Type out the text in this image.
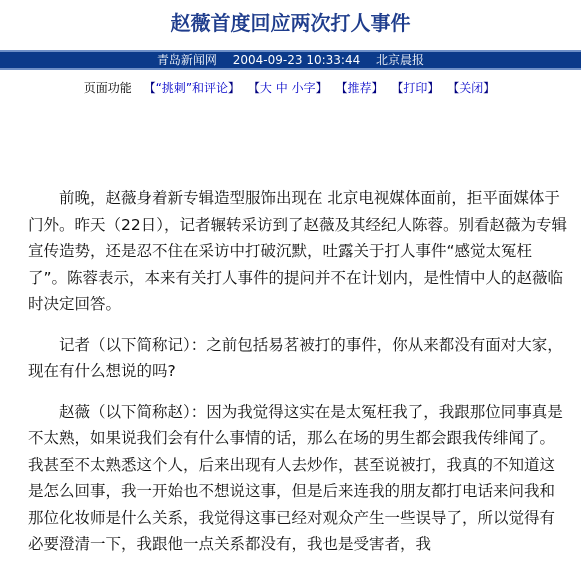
赵薇首度回应两次打人事件
青岛新闻网 2004-09-23 10:33:44 北京晨报
页面功能 【“挑刺”和评论】 【大 中 小字】 【推荐】 【打印】 【关闭】

前晚，赵薇身着新专辑造型服饰出现在 北京电视媒体面前，拒平面媒体于门外。昨天（22日），记者辗转采访到了赵薇及其经纪人陈蓉。别看赵薇为专辑宣传造势，还是忍不住在采访中打破沉默，吐露关于打人事件“感觉太冤枉了”。陈蓉表示，本来有关打人事件的提问并不在计划内，是性情中人的赵薇临时决定回答。

记者（以下简称记）：之前包括易茗被打的事件，你从来都没有面对大家，现在有什么想说的吗?

赵薇（以下简称赵）：因为我觉得这实在是太冤枉我了，我跟那位同事真是不太熟，如果说我们会有什么事情的话，那么在场的男生都会跟我传绯闻了。我甚至不太熟悉这个人，后来出现有人去炒作，甚至说被打，我真的不知道这是怎么回事，我一开始也不想说这事，但是后来连我的朋友都打电话来问我和那位化妆师是什么关系，我觉得这事已经对观众产生一些误导了，所以觉得有必要澄清一下，我跟他一点关系都没有，我也是受害者，我
